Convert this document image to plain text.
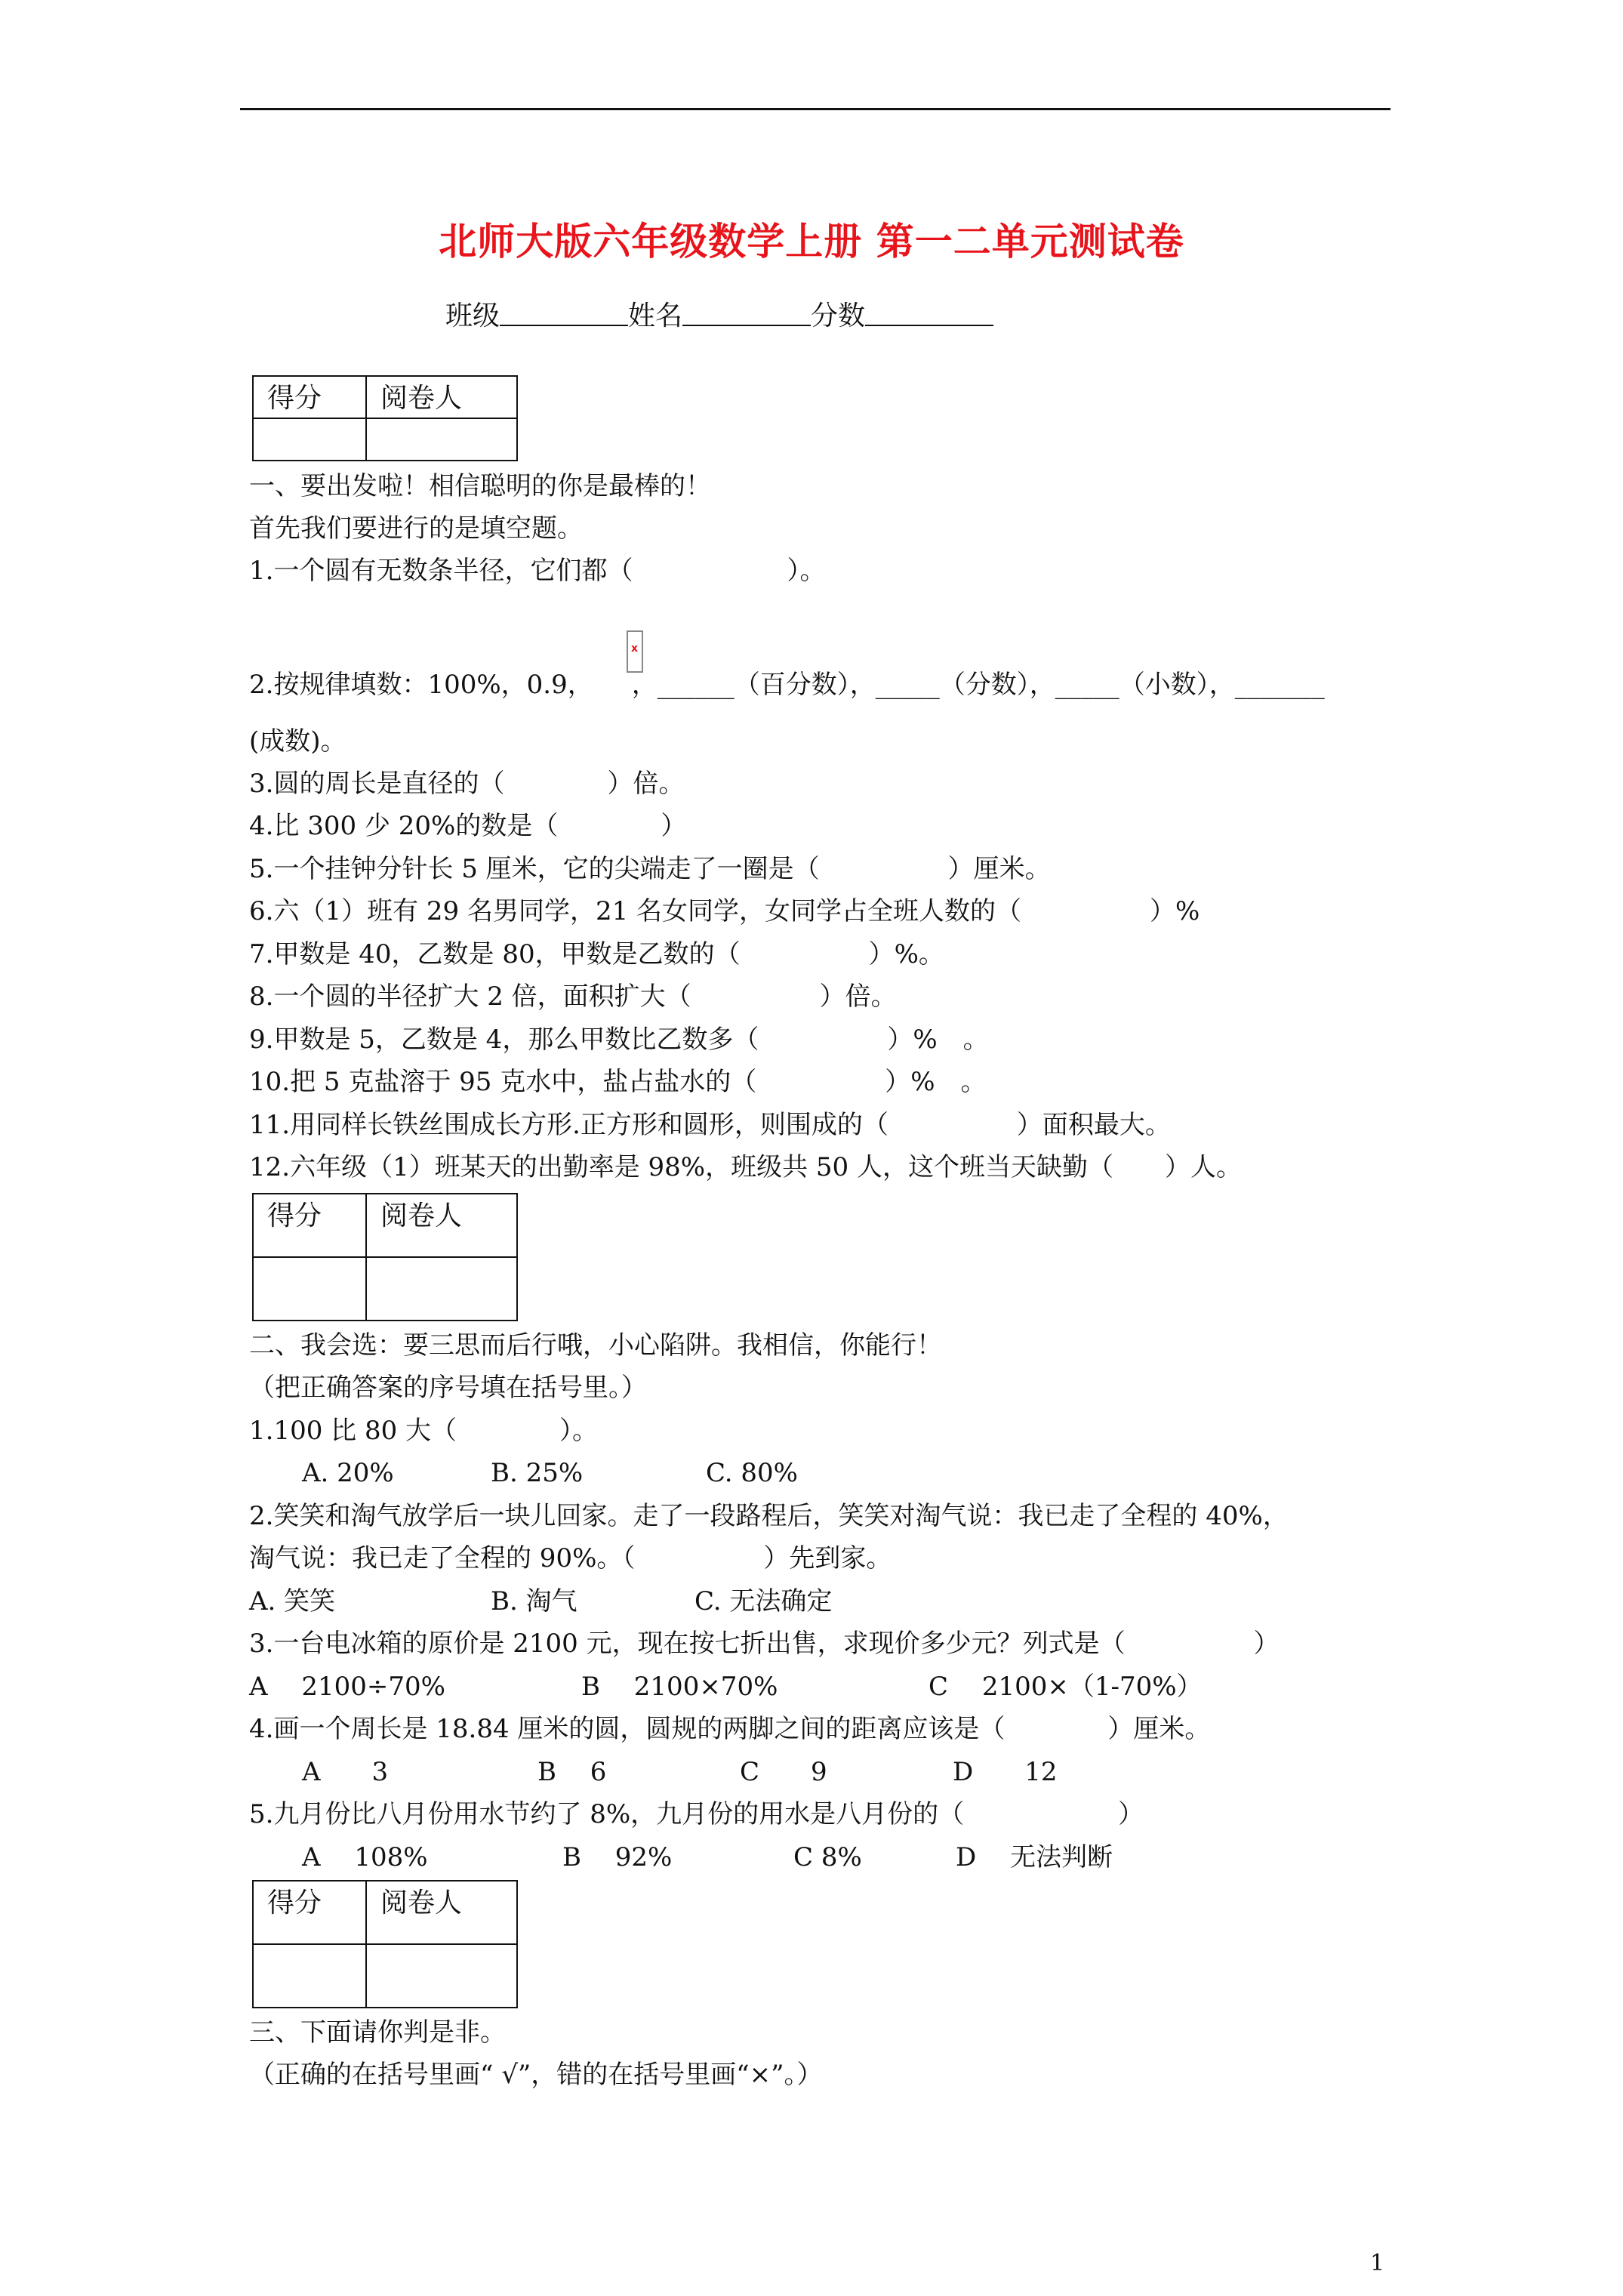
北师大版六年级数学上册 第一二单元测试卷
班级	姓名	分数
得分	阅卷人

一、要出发啦！相信聪明的你是最棒的！
首先我们要进行的是填空题。
1.一个圆有无数条半径，它们都（　　　　　　）。
x
2.按规律填数：100%，0.9，　　，______（百分数），_____（分数），_____（小数），_______
(成数)。
3.圆的周长是直径的（　　　　）倍。
4.比 300 少 20%的数是（　　　　）
5.一个挂钟分针长 5 厘米，它的尖端走了一圈是（　　　　　）厘米。
6.六（1）班有 29 名男同学，21 名女同学，女同学占全班人数的（　　　　　）%
7.甲数是 40，乙数是 80，甲数是乙数的（　　　　　）%。
8.一个圆的半径扩大 2 倍，面积扩大（　　　　　）倍。
9.甲数是 5，乙数是 4，那么甲数比乙数多（　　　　　）%　。
10.把 5 克盐溶于 95 克水中，盐占盐水的（　　　　　）%　。
11.用同样长铁丝围成长方形.正方形和圆形，则围成的（　　　　　）面积最大。
12.六年级（1）班某天的出勤率是 98%，班级共 50 人，这个班当天缺勤（　　）人。
得分	阅卷人

二、我会选：要三思而后行哦，小心陷阱。我相信，你能行！
（把正确答案的序号填在括号里。）
1.100 比 80 大（　　　　）。
A. 20%	B. 25%	C. 80%
2.笑笑和淘气放学后一块儿回家。走了一段路程后，笑笑对淘气说：我已走了全程的 40%，
淘气说：我已走了全程的 90%。（　　　　　）先到家。
A. 笑笑	B. 淘气	C. 无法确定
3.一台电冰箱的原价是 2100 元，现在按七折出售，求现价多少元？列式是（　　　　　）
A　 2100÷70%	B　 2100×70%	C　 2100×（1-70%）
4.画一个周长是 18.84 厘米的圆，圆规的两脚之间的距离应该是（　　　　）厘米。
A　　3	B　 6	C　　9	D　　12
5.九月份比八月份用水节约了 8%，九月份的用水是八月份的（　　　　　　）
A　 108%	B　 92%	C 8%	D　 无法判断
得分	阅卷人

三、下面请你判是非。
（正确的在括号里画“ √”，错的在括号里画“×”。）
1
